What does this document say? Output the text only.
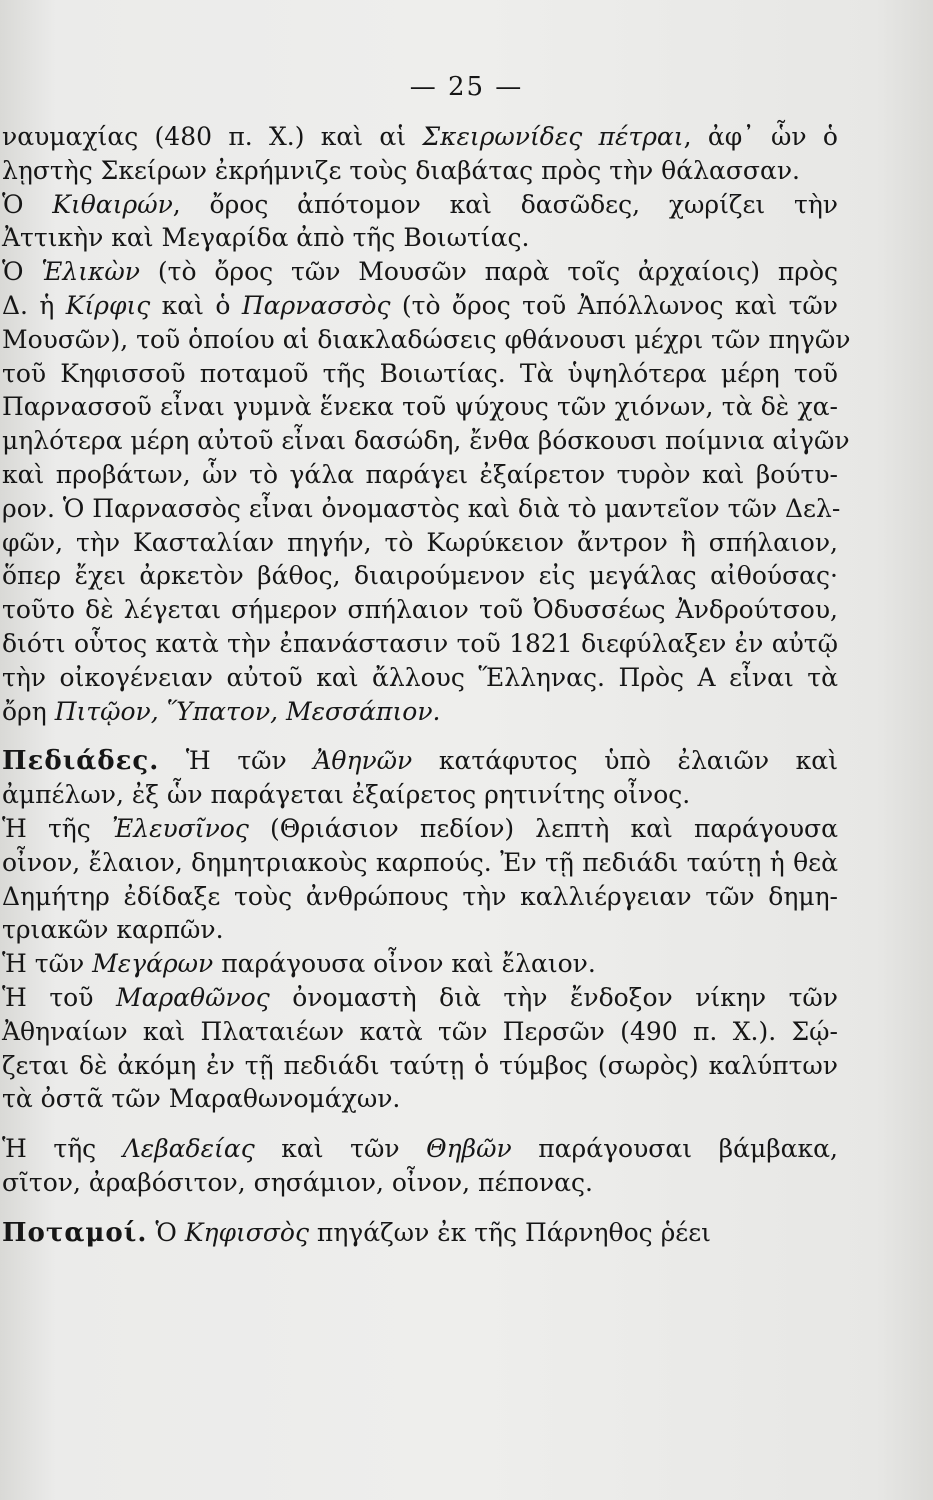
— 25 —
ναυμαχίας (480 π. Χ.) καὶ αἱ Σκειρωνίδες πέτραι, ἀφ᾽ ὧν ὁ
λῃστὴς Σκείρων ἐκρήμνιζε τοὺς διαβάτας πρὸς τὴν θάλασσαν.
Ὁ Κιθαιρών, ὄρος ἀπότομον καὶ δασῶδες, χωρίζει τὴν
Ἀττικὴν καὶ Μεγαρίδα ἀπὸ τῆς Βοιωτίας.
Ὁ Ἑλικὼν (τὸ ὄρος τῶν Μουσῶν παρὰ τοῖς ἀρχαίοις) πρὸς
Δ. ἡ Κίρφις καὶ ὁ Παρνασσὸς (τὸ ὄρος τοῦ Ἀπόλλωνος καὶ τῶν
Μουσῶν), τοῦ ὁποίου αἱ διακλαδώσεις φθάνουσι μέχρι τῶν πηγῶν
τοῦ Κηφισσοῦ ποταμοῦ τῆς Βοιωτίας. Τὰ ὑψηλότερα μέρη τοῦ
Παρνασσοῦ εἶναι γυμνὰ ἕνεκα τοῦ ψύχους τῶν χιόνων, τὰ δὲ χα-
μηλότερα μέρη αὐτοῦ εἶναι δασώδη, ἔνθα βόσκουσι ποίμνια αἰγῶν
καὶ προβάτων, ὧν τὸ γάλα παράγει ἐξαίρετον τυρὸν καὶ βούτυ-
ρον. Ὁ Παρνασσὸς εἶναι ὀνομαστὸς καὶ διὰ τὸ μαντεῖον τῶν Δελ-
φῶν, τὴν Κασταλίαν πηγήν, τὸ Κωρύκειον ἄντρον ἢ σπήλαιον,
ὅπερ ἔχει ἀρκετὸν βάθος, διαιρούμενον εἰς μεγάλας αἰθούσας·
τοῦτο δὲ λέγεται σήμερον σπήλαιον τοῦ Ὀδυσσέως Ἀνδρούτσου,
διότι οὗτος κατὰ τὴν ἐπανάστασιν τοῦ 1821 διεφύλαξεν ἐν αὐτῷ
τὴν οἰκογένειαν αὐτοῦ καὶ ἄλλους Ἕλληνας. Πρὸς Α εἶναι τὰ
ὄρη Πιτῷον, Ὕπατον, Μεσσάπιον.
Πεδιάδες. Ἡ τῶν Ἀθηνῶν κατάφυτος ὑπὸ ἐλαιῶν καὶ
ἀμπέλων, ἐξ ὧν παράγεται ἐξαίρετος ρητινίτης οἶνος.
Ἡ τῆς Ἐλευσῖνος (Θριάσιον πεδίον) λεπτὴ καὶ παράγουσα
οἶνον, ἔλαιον, δημητριακοὺς καρπούς. Ἐν τῇ πεδιάδι ταύτῃ ἡ θεὰ
Δημήτηρ ἐδίδαξε τοὺς ἀνθρώπους τὴν καλλιέργειαν τῶν δημη-
τριακῶν καρπῶν.
Ἡ τῶν Μεγάρων παράγουσα οἶνον καὶ ἔλαιον.
Ἡ τοῦ Μαραθῶνος ὀνομαστὴ διὰ τὴν ἔνδοξον νίκην τῶν
Ἀθηναίων καὶ Πλαταιέων κατὰ τῶν Περσῶν (490 π. Χ.). Σῴ-
ζεται δὲ ἀκόμη ἐν τῇ πεδιάδι ταύτῃ ὁ τύμβος (σωρὸς) καλύπτων
τὰ ὀστᾶ τῶν Μαραθωνομάχων.
Ἡ τῆς Λεβαδείας καὶ τῶν Θηβῶν παράγουσαι βάμβακα,
σῖτον, ἀραβόσιτον, σησάμιον, οἶνον, πέπονας.
Ποταμοί. Ὁ Κηφισσὸς πηγάζων ἐκ τῆς Πάρνηθος ῥέει
